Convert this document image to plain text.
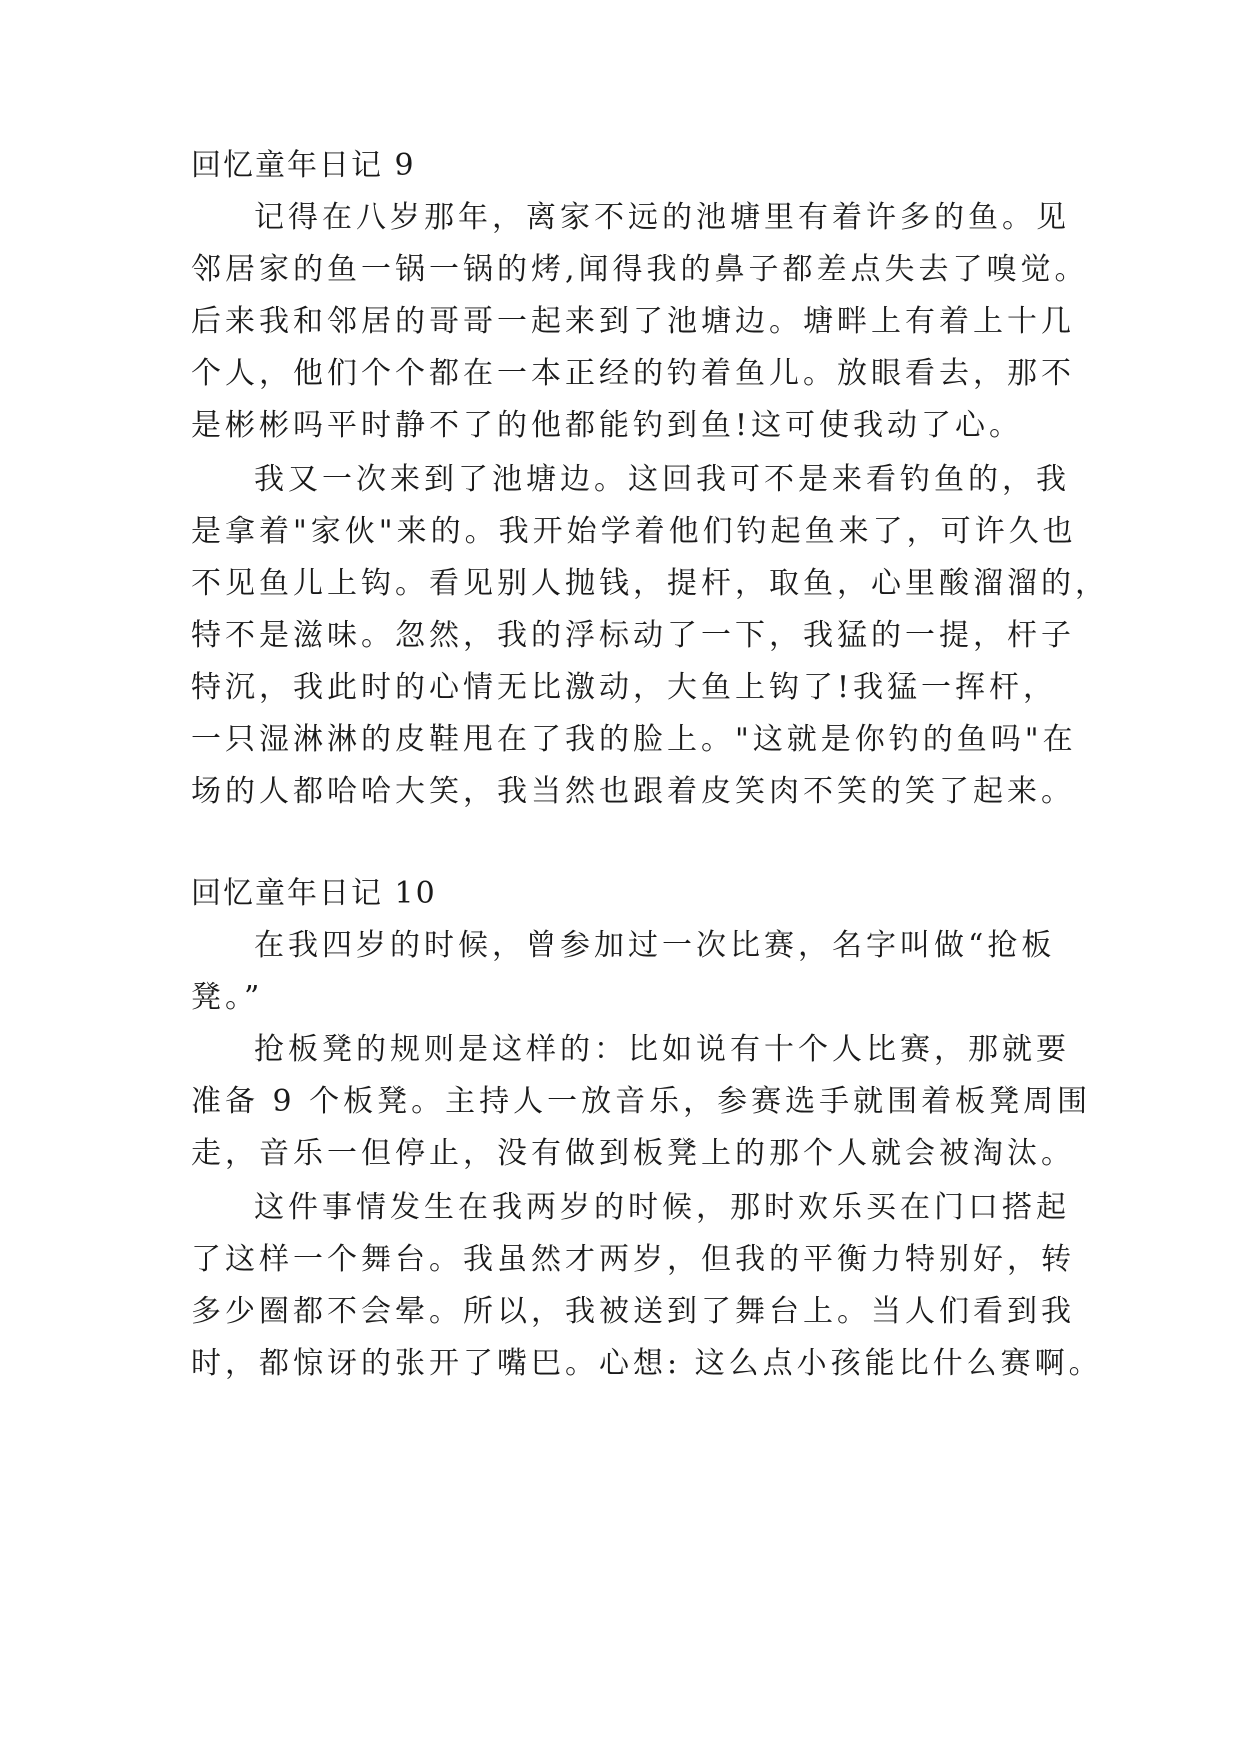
回忆童年日记 9
记得在八岁那年，离家不远的池塘里有着许多的鱼。见
邻居家的鱼一锅一锅的烤,闻得我的鼻子都差点失去了嗅觉。
后来我和邻居的哥哥一起来到了池塘边。塘畔上有着上十几
个人，他们个个都在一本正经的钓着鱼儿。放眼看去，那不
是彬彬吗平时静不了的他都能钓到鱼!这可使我动了心。
我又一次来到了池塘边。这回我可不是来看钓鱼的，我
是拿着"家伙"来的。我开始学着他们钓起鱼来了，可许久也
不见鱼儿上钩。看见别人抛钱，提杆，取鱼，心里酸溜溜的，
特不是滋味。忽然，我的浮标动了一下，我猛的一提，杆子
特沉，我此时的心情无比激动，大鱼上钩了!我猛一挥杆，
一只湿淋淋的皮鞋甩在了我的脸上。"这就是你钓的鱼吗"在
场的人都哈哈大笑，我当然也跟着皮笑肉不笑的笑了起来。
回忆童年日记 10
在我四岁的时候，曾参加过一次比赛，名字叫做“抢板
凳。”
抢板凳的规则是这样的：比如说有十个人比赛，那就要
准备 9 个板凳。主持人一放音乐，参赛选手就围着板凳周围
走，音乐一但停止，没有做到板凳上的那个人就会被淘汰。
这件事情发生在我两岁的时候，那时欢乐买在门口搭起
了这样一个舞台。我虽然才两岁，但我的平衡力特别好，转
多少圈都不会晕。所以，我被送到了舞台上。当人们看到我
时，都惊讶的张开了嘴巴。心想: 这么点小孩能比什么赛啊。
